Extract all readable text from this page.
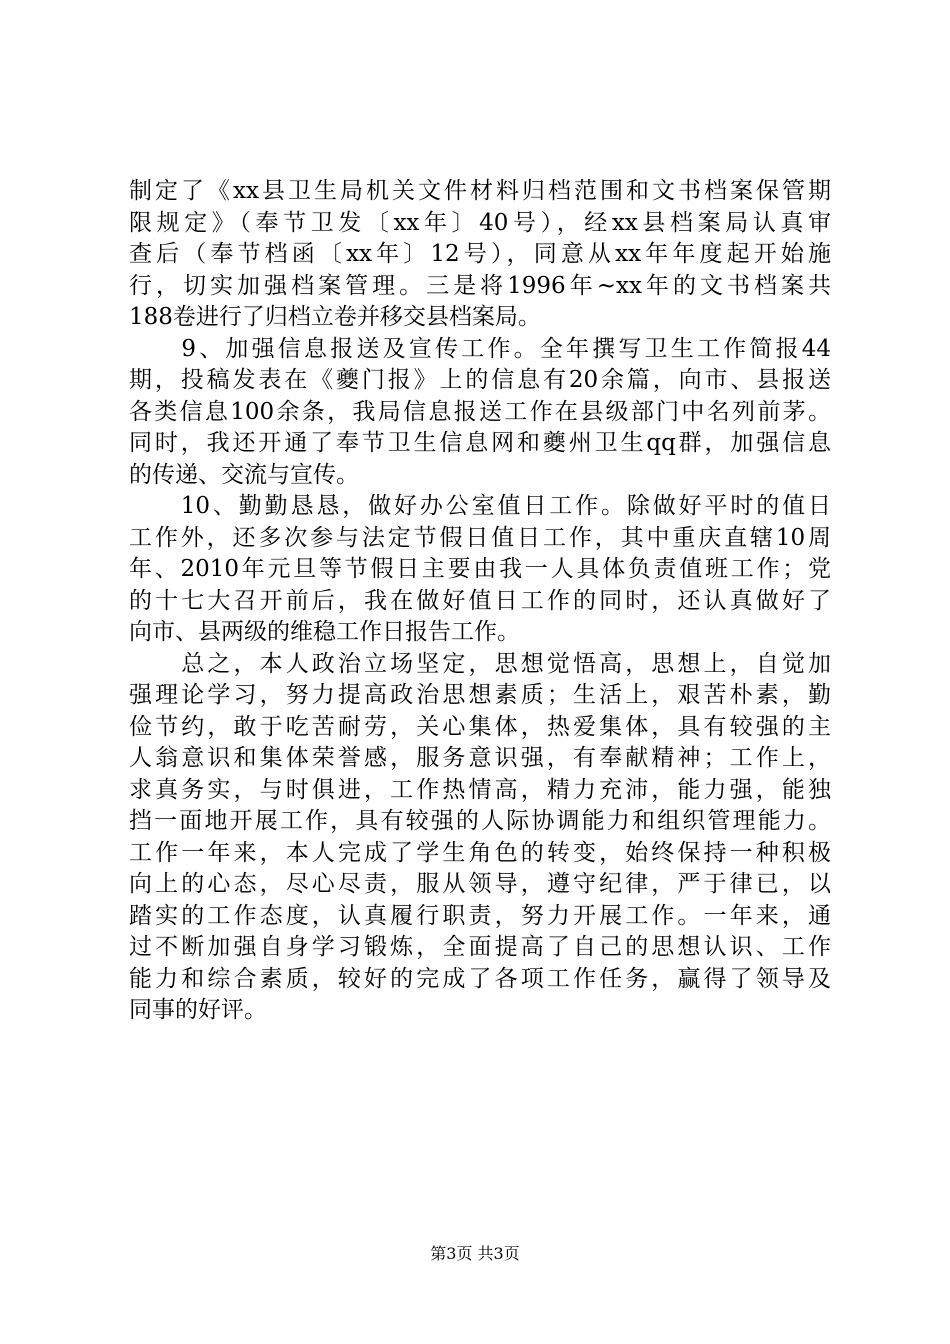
制定了《xx县卫生局机关文件材料归档范围和文书档案保管期
限规定》（奉节卫发〔xx年〕40号），经xx县档案局认真审
查后（奉节档函〔xx年〕12号），同意从xx年年度起开始施
行，切实加强档案管理。三是将1996年~xx年的文书档案共
188卷进行了归档立卷并移交县档案局。
　　9、加强信息报送及宣传工作。全年撰写卫生工作简报44
期，投稿发表在《夔门报》上的信息有20余篇，向市、县报送
各类信息100余条，我局信息报送工作在县级部门中名列前茅。
同时，我还开通了奉节卫生信息网和夔州卫生qq群，加强信息
的传递、交流与宣传。
　　10、勤勤恳恳，做好办公室值日工作。除做好平时的值日
工作外，还多次参与法定节假日值日工作，其中重庆直辖10周
年、2010年元旦等节假日主要由我一人具体负责值班工作；党
的十七大召开前后，我在做好值日工作的同时，还认真做好了
向市、县两级的维稳工作日报告工作。
　　总之，本人政治立场坚定，思想觉悟高，思想上，自觉加
强理论学习，努力提高政治思想素质；生活上，艰苦朴素，勤
俭节约，敢于吃苦耐劳，关心集体，热爱集体，具有较强的主
人翁意识和集体荣誉感，服务意识强，有奉献精神；工作上，
求真务实，与时俱进，工作热情高，精力充沛，能力强，能独
挡一面地开展工作，具有较强的人际协调能力和组织管理能力。
工作一年来，本人完成了学生角色的转变，始终保持一种积极
向上的心态，尽心尽责，服从领导，遵守纪律，严于律已，以
踏实的工作态度，认真履行职责，努力开展工作。一年来，通
过不断加强自身学习锻炼，全面提高了自己的思想认识、工作
能力和综合素质，较好的完成了各项工作任务，赢得了领导及
同事的好评。
第3页 共3页
